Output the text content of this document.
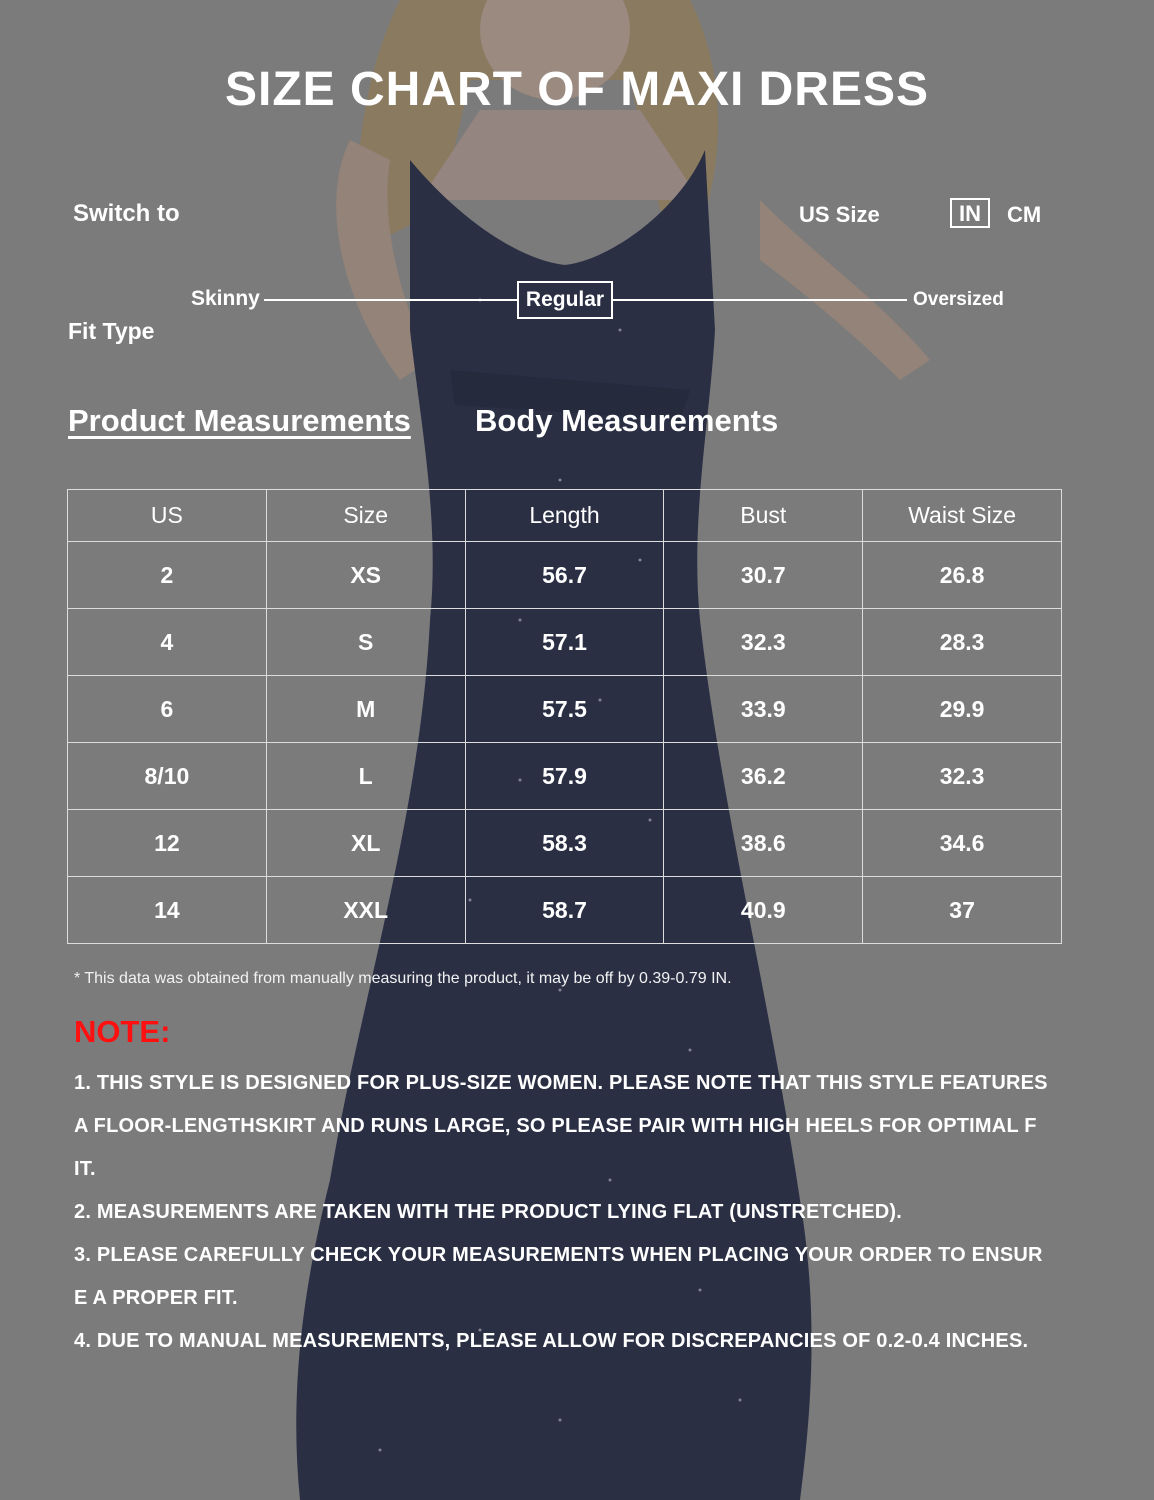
SIZE CHART OF MAXI DRESS
Switch to	US Size	IN	CM
Skinny	Regular	Oversized
Fit Type
Product Measurements Body Measurements
US	Size	Length	Bust	Waist Size
2	XS	56.7	30.7	26.8
4	S	57.1	32.3	28.3
6	M	57.5	33.9	29.9
8/10	L	57.9	36.2	32.3
12	XL	58.3	38.6	34.6
14	XXL	58.7	40.9	37
* This data was obtained from manually measuring the product, it may be off by 0.39-0.79 IN.
NOTE:
1. THIS STYLE IS DESIGNED FOR PLUS-SIZE WOMEN. PLEASE NOTE THAT THIS STYLE FEATURES
A FLOOR-LENGTHSKIRT AND RUNS LARGE, SO PLEASE PAIR WITH HIGH HEELS FOR OPTIMAL F
IT.
2. MEASUREMENTS ARE TAKEN WITH THE PRODUCT LYING FLAT (UNSTRETCHED).
3. PLEASE CAREFULLY CHECK YOUR MEASUREMENTS WHEN PLACING YOUR ORDER TO ENSUR
E A PROPER FIT.
4. DUE TO MANUAL MEASUREMENTS, PLEASE ALLOW FOR DISCREPANCIES OF 0.2-0.4 INCHES.
